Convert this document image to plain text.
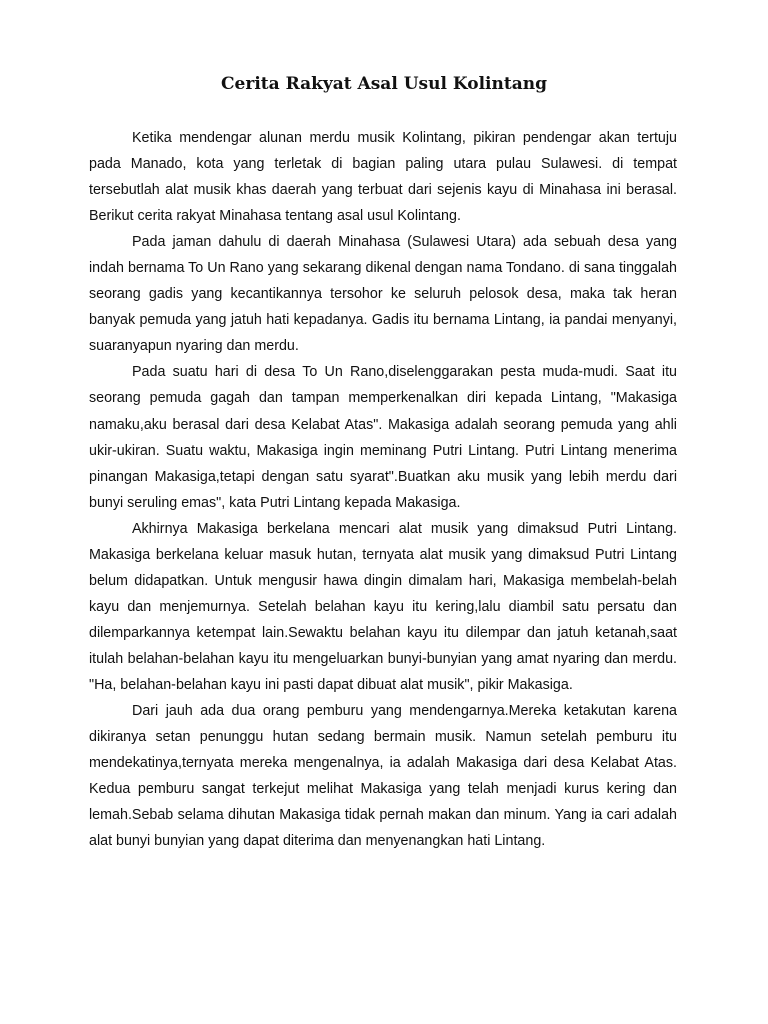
Cerita Rakyat Asal Usul Kolintang

Ketika mendengar alunan merdu musik Kolintang, pikiran pendengar akan tertuju pada Manado, kota yang terletak di bagian paling utara pulau Sulawesi. di tempat tersebutlah alat musik khas daerah yang terbuat dari sejenis kayu di Minahasa ini berasal. Berikut cerita rakyat Minahasa tentang asal usul Kolintang.

Pada jaman dahulu di daerah Minahasa (Sulawesi Utara) ada sebuah desa yang indah bernama To Un Rano yang sekarang dikenal dengan nama Tondano. di sana tinggalah seorang gadis yang kecantikannya tersohor ke seluruh pelosok desa, maka tak heran banyak pemuda yang jatuh hati kepadanya. Gadis itu bernama Lintang, ia pandai menyanyi, suaranyapun nyaring dan merdu.

Pada suatu hari di desa To Un Rano,diselenggarakan pesta muda-mudi. Saat itu seorang pemuda gagah dan tampan memperkenalkan diri kepada Lintang, "Makasiga namaku,aku berasal dari desa Kelabat Atas". Makasiga adalah seorang pemuda yang ahli ukir-ukiran. Suatu waktu, Makasiga ingin meminang Putri Lintang. Putri Lintang menerima pinangan Makasiga,tetapi dengan satu syarat".Buatkan aku musik yang lebih merdu dari bunyi seruling emas", kata Putri Lintang kepada Makasiga.

Akhirnya Makasiga berkelana mencari alat musik yang dimaksud Putri Lintang. Makasiga berkelana keluar masuk hutan, ternyata alat musik yang dimaksud Putri Lintang belum didapatkan. Untuk mengusir hawa dingin dimalam hari, Makasiga membelah-belah kayu dan menjemurnya. Setelah belahan kayu itu kering,lalu diambil satu persatu dan dilemparkannya ketempat lain.Sewaktu belahan kayu itu dilempar dan jatuh ketanah,saat itulah belahan-belahan kayu itu mengeluarkan bunyi-bunyian yang amat nyaring dan merdu. "Ha, belahan-belahan kayu ini pasti dapat dibuat alat musik", pikir Makasiga.

Dari jauh ada dua orang pemburu yang mendengarnya.Mereka ketakutan karena dikiranya setan penunggu hutan sedang bermain musik. Namun setelah pemburu itu mendekatinya,ternyata mereka mengenalnya, ia adalah Makasiga dari desa Kelabat Atas. Kedua pemburu sangat terkejut melihat Makasiga yang telah menjadi kurus kering dan lemah.Sebab selama dihutan Makasiga tidak pernah makan dan minum. Yang ia cari adalah alat bunyi bunyian yang dapat diterima dan menyenangkan hati Lintang.
